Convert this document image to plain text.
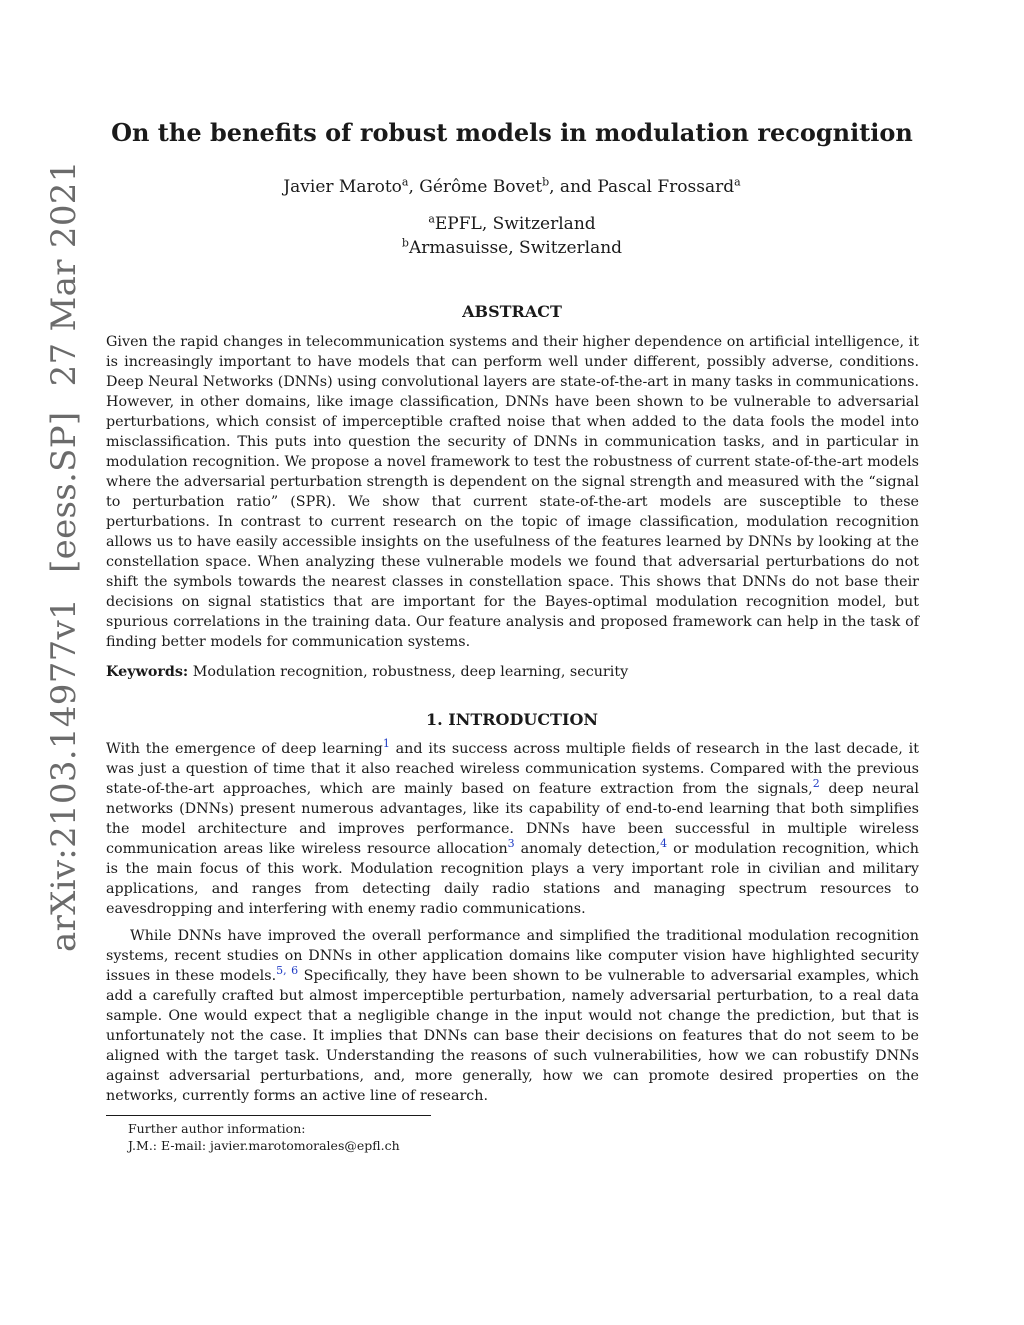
arXiv:2103.14977v1 [eess.SP] 27 Mar 2021
On the benefits of robust models in modulation recognition
Javier Maroto$^a$, Gérôme Bovet$^b$, and Pascal Frossard$^a$
$^a$EPFL, Switzerland
$^b$Armasuisse, Switzerland
ABSTRACT

Given the rapid changes in telecommunication systems and their higher dependence on artificial intelligence, it is increasingly important to have models that can perform well under different, possibly adverse, conditions. Deep Neural Networks (DNNs) using convolutional layers are state-of-the-art in many tasks in communications. However, in other domains, like image classification, DNNs have been shown to be vulnerable to adversarial perturbations, which consist of imperceptible crafted noise that when added to the data fools the model into misclassification. This puts into question the security of DNNs in communication tasks, and in particular in modulation recognition. We propose a novel framework to test the robustness of current state-of-the-art models where the adversarial perturbation strength is dependent on the signal strength and measured with the “signal to perturbation ratio” (SPR). We show that current state-of-the-art models are susceptible to these perturbations. In contrast to current research on the topic of image classification, modulation recognition allows us to have easily accessible insights on the usefulness of the features learned by DNNs by looking at the constellation space. When analyzing these vulnerable models we found that adversarial perturbations do not shift the symbols towards the nearest classes in constellation space. This shows that DNNs do not base their decisions on signal statistics that are important for the Bayes-optimal modulation recognition model, but spurious correlations in the training data. Our feature analysis and proposed framework can help in the task of finding better models for communication systems.

Keywords: Modulation recognition, robustness, deep learning, security

1. INTRODUCTION

With the emergence of deep learning$^1$ and its success across multiple fields of research in the last decade, it was just a question of time that it also reached wireless communication systems. Compared with the previous state-of-the-art approaches, which are mainly based on feature extraction from the signals,$^2$ deep neural networks (DNNs) present numerous advantages, like its capability of end-to-end learning that both simplifies the model architecture and improves performance. DNNs have been successful in multiple wireless communication areas like wireless resource allocation$^3$ anomaly detection,$^4$ or modulation recognition, which is the main focus of this work. Modulation recognition plays a very important role in civilian and military applications, and ranges from detecting daily radio stations and managing spectrum resources to eavesdropping and interfering with enemy radio communications.

While DNNs have improved the overall performance and simplified the traditional modulation recognition systems, recent studies on DNNs in other application domains like computer vision have highlighted security issues in these models.$^{5, 6}$ Specifically, they have been shown to be vulnerable to adversarial examples, which add a carefully crafted but almost imperceptible perturbation, namely adversarial perturbation, to a real data sample. One would expect that a negligible change in the input would not change the prediction, but that is unfortunately not the case. It implies that DNNs can base their decisions on features that do not seem to be aligned with the target task. Understanding the reasons of such vulnerabilities, how we can robustify DNNs against adversarial perturbations, and, more generally, how we can promote desired properties on the networks, currently forms an active line of research.

Further author information:

J.M.: E-mail: javier.marotomorales@epfl.ch
